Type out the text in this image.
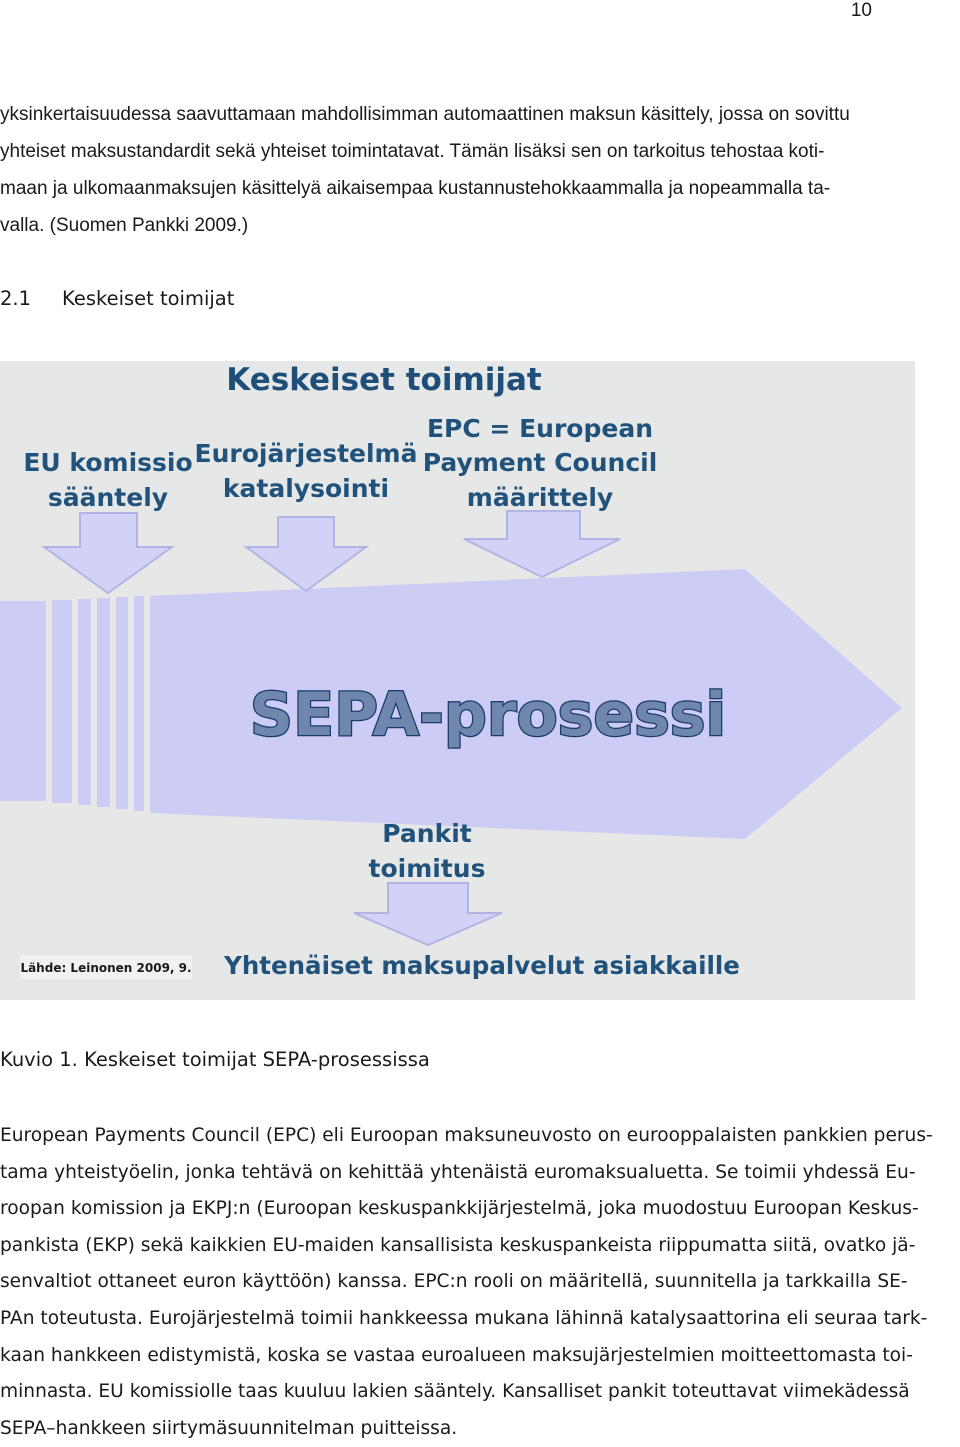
10

yksinkertaisuudessa saavuttamaan mahdollisimman automaattinen maksun käsittely, jossa on sovittu
yhteiset maksustandardit sekä yhteiset toimintatavat. Tämän lisäksi sen on tarkoitus tehostaa koti-
maan ja ulkomaanmaksujen käsittelyä aikaisempaa kustannustehokkaammalla ja nopeammalla ta-
valla. (Suomen Pankki 2009.)

2.1 Keskeiset toimijat
Keskeiset toimijat
EU komissio
sääntely
Eurojärjestelmä
katalysointi
EPC = European
Payment Council
määrittely
SEPA-prosessi
Pankit
toimitus
Yhtenäiset maksupalvelut asiakkaille
Lähde: Leinonen 2009, 9.
Kuvio 1. Keskeiset toimijat SEPA-prosessissa

European Payments Council (EPC) eli Euroopan maksuneuvosto on eurooppalaisten pankkien perus-
tama yhteistyöelin, jonka tehtävä on kehittää yhtenäistä euromaksualuetta. Se toimii yhdessä Eu-
roopan komission ja EKPJ:n (Euroopan keskuspankkijärjestelmä, joka muodostuu Euroopan Keskus-
pankista (EKP) sekä kaikkien EU-maiden kansallisista keskuspankeista riippumatta siitä, ovatko jä-
senvaltiot ottaneet euron käyttöön) kanssa. EPC:n rooli on määritellä, suunnitella ja tarkkailla SE-
PAn toteutusta. Eurojärjestelmä toimii hankkeessa mukana lähinnä katalysaattorina eli seuraa tark-
kaan hankkeen edistymistä, koska se vastaa euroalueen maksujärjestelmien moitteettomasta toi-
minnasta. EU komissiolle taas kuuluu lakien sääntely. Kansalliset pankit toteuttavat viimekädessä
SEPA–hankkeen siirtymäsuunnitelman puitteissa.
